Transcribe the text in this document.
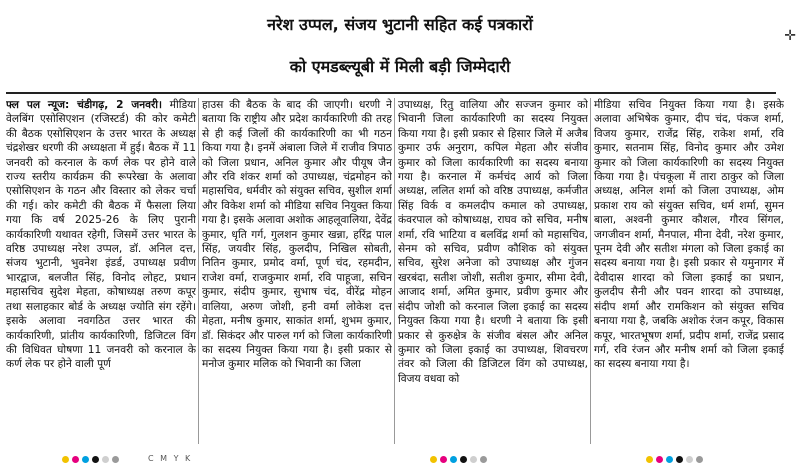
नरेश उप्पल, संजय भुटानी सहित कई पत्रकारों
को एमडब्ल्यूबी में मिली बड़ी जिम्मेदारी
✛
फ्ल पल न्यूज: चंडीगढ़, 2 जनवरी। मीडिया वेलबिंग एसोसिएशन (रजिस्टर्ड) की कोर कमेटी की बैठक एसोसिएशन के उत्तर भारत के अध्यक्ष चंद्रशेखर धरणी की अध्यक्षता में हुई। बैठक में 11 जनवरी को करनाल के कर्ण लेक पर होने वाले राज्य स्तरीय कार्यक्रम की रूपरेखा के अलावा एसोसिएशन के गठन और विस्तार को लेकर चर्चा की गई। कोर कमेटी की बैठक में फैसला लिया गया कि वर्ष 2025-26 के लिए पुरानी कार्यकारिणी यथावत रहेगी, जिसमें उत्तर भारत के वरिष्ठ उपाध्यक्ष नरेश उप्पल, डॉ. अनिल दत्त, संजय भुटानी, भुवनेश इंडर्ड, उपाध्यक्ष प्रवीण भारद्वाज, बलजीत सिंह, विनोद लोहट, प्रधान महासचिव सुदेश मेहता, कोषाध्यक्ष तरुण कपूर तथा सलाहकार बोर्ड के अध्यक्ष ज्योति संग रहेंगे। इसके अलावा नवगठित उत्तर भारत की कार्यकारिणी, प्रांतीय कार्यकारिणी, डिजिटल विंग की विधिवत घोषणा 11 जनवरी को करनाल के कर्ण लेक पर होने वाली पूर्ण
हाउस की बैठक के बाद की जाएगी। धरणी ने बताया कि राष्ट्रीय और प्रदेश कार्यकारिणी की तरह से ही कई जिलों की कार्यकारिणी का भी गठन किया गया है। इनमें अंबाला जिले में राजीव त्रिपाठ को जिला प्रधान, अनिल कुमार और पीयूष जैन और रवि शंकर शर्मा को उपाध्यक्ष, चंद्रमोहन को महासचिव, धर्मवीर को संयुक्त सचिव, सुशील शर्मा और विकेश शर्मा को मीडिया सचिव नियुक्त किया गया है। इसके अलावा अशोक आहलूवालिया, देवेंद्र कुमार, धृति गर्ग, गुलशन कुमार खन्ना, हरिंद्र पाल सिंह, जयवीर सिंह, कुलदीप, निखिल सोबती, नितिन कुमार, प्रमोद वर्मा, पूर्ण चंद, रहमदीन, राजेश वर्मा, राजकुमार शर्मा, रवि पाहूजा, सचिन कुमार, संदीप कुमार, सुभाष चंद, वीरेंद्र मोहन वालिया, अरुण जोशी, हनी वर्मा लोकेश दत्त मेहता, मनीष कुमार, साकांत शर्मा, शुभम कुमार, डॉ. सिकंदर और पारुल गर्ग को जिला कार्यकारिणी का सदस्य नियुक्त किया गया है। इसी प्रकार से मनोज कुमार मलिक को भिवानी का जिला
उपाध्यक्ष, रितु वालिया और सज्जन कुमार को भिवानी जिला कार्यकारिणी का सदस्य नियुक्त किया गया है। इसी प्रकार से हिसार जिले में अजैब कुमार उर्फ अनुराग, कपिल मेहता और संजीव कुमार को जिला कार्यकारिणी का सदस्य बनाया गया है। करनाल में कर्मचंद आर्य को जिला अध्यक्ष, ललित शर्मा को वरिष्ठ उपाध्यक्ष, कर्मजीत सिंह विर्क व कमलदीप कमाल को उपाध्यक्ष, कंवरपाल को कोषाध्यक्ष, राघव को सचिव, मनीष शर्मा, रवि भाटिया व बलविंद्र शर्मा को महासचिव, सेनम को सचिव, प्रवीण कौशिक को संयुक्त सचिव, सुरेश अनेजा को उपाध्यक्ष और गुंजन खरबंदा, सतीश जोशी, सतीश कुमार, सीमा देवी, आजाद शर्मा, अमित कुमार, प्रवीण कुमार और संदीप जोशी को करनाल जिला इकाई का सदस्य नियुक्त किया गया है। धरणी ने बताया कि इसी प्रकार से कुरुक्षेत्र के संजीव बंसल और अनिल कुमार को जिला इकाई का उपाध्यक्ष, शिवचरण तंवर को जिला की डिजिटल विंग को उपाध्यक्ष, विजय वधवा को
मीडिया सचिव नियुक्त किया गया है। इसके अलावा अभिषेक कुमार, दीप चंद, पंकज शर्मा, विजय कुमार, राजेंद्र सिंह, राकेश शर्मा, रवि कुमार, सतनाम सिंह, विनोद कुमार और उमेश कुमार को जिला कार्यकारिणी का सदस्य नियुक्त किया गया है। पंचकूला में तारा ठाकुर को जिला अध्यक्ष, अनिल शर्मा को जिला उपाध्यक्ष, ओम प्रकाश राय को संयुक्त सचिव, धर्म शर्मा, सुमन बाला, अश्वनी कुमार कौशल, गौरव सिंगल, जगजीवन शर्मा, मैनपाल, मीना देवी, नरेश कुमार, पूनम देवी और सतीश मंगला को जिला इकाई का सदस्य बनाया गया है। इसी प्रकार से यमुनागर में देवीदास शारदा को जिला इकाई का प्रधान, कुलदीप सैनी और पवन शारदा को उपाध्यक्ष, संदीप शर्मा और रामकिशन को संयुक्त सचिव बनाया गया है, जबकि अशोक रंजन कपूर, विकास कपूर, भारतभूषण शर्मा, प्रदीप शर्मा, राजेंद्र प्रसाद गर्ग, रवि रंजन और मनीष शर्मा को जिला इकाई का सदस्य बनाया गया है।
C M Y K
